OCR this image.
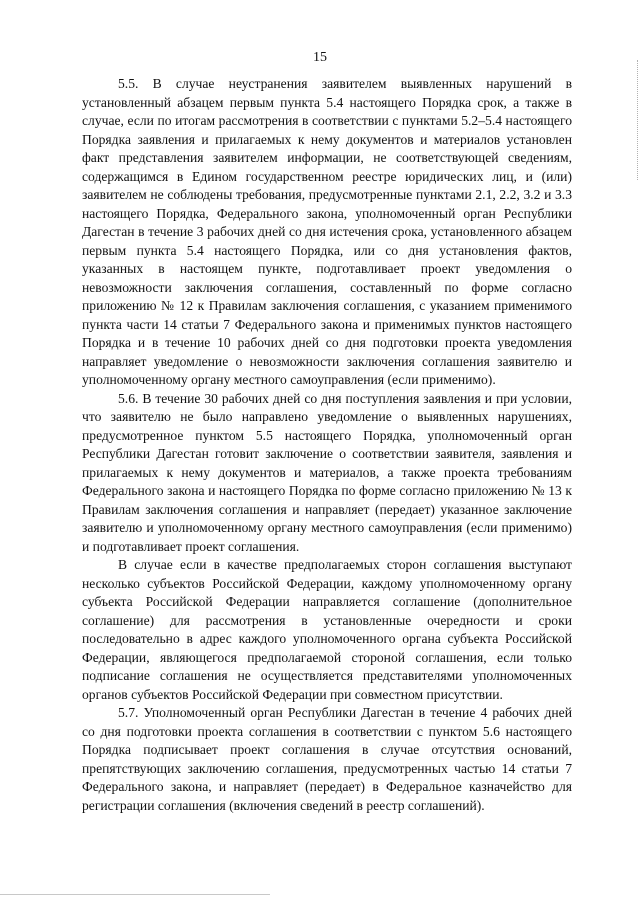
15

5.5. В случае неустранения заявителем выявленных нарушений в установленный абзацем первым пункта 5.4 настоящего Порядка срок, а также в случае, если по итогам рассмотрения в соответствии с пунктами 5.2–5.4 настоящего Порядка заявления и прилагаемых к нему документов и материалов установлен факт представления заявителем информации, не соответствующей сведениям, содержащимся в Едином государственном реестре юридических лиц, и (или) заявителем не соблюдены требования, предусмотренные пунктами 2.1, 2.2, 3.2 и 3.3 настоящего Порядка, Федерального закона, уполномоченный орган Республики Дагестан в течение 3 рабочих дней со дня истечения срока, установленного абзацем первым пункта 5.4 настоящего Порядка, или со дня установления фактов, указанных в настоящем пункте, подготавливает проект уведомления о невозможности заключения соглашения, составленный по форме согласно приложению № 12 к Правилам заключения соглашения, с указанием применимого пункта части 14 статьи 7 Федерального закона и применимых пунктов настоящего Порядка и в течение 10 рабочих дней со дня подготовки проекта уведомления направляет уведомление о невозможности заключения соглашения заявителю и уполномоченному органу местного самоуправления (если применимо).

5.6. В течение 30 рабочих дней со дня поступления заявления и при условии, что заявителю не было направлено уведомление о выявленных нарушениях, предусмотренное пунктом 5.5 настоящего Порядка, уполномоченный орган Республики Дагестан готовит заключение о соответствии заявителя, заявления и прилагаемых к нему документов и материалов, а также проекта требованиям Федерального закона и настоящего Порядка по форме согласно приложению № 13 к Правилам заключения соглашения и направляет (передает) указанное заключение заявителю и уполномоченному органу местного самоуправления (если применимо) и подготавливает проект соглашения.

В случае если в качестве предполагаемых сторон соглашения выступают несколько субъектов Российской Федерации, каждому уполномоченному органу субъекта Российской Федерации направляется соглашение (дополнительное соглашение) для рассмотрения в установленные очередности и сроки последовательно в адрес каждого уполномоченного органа субъекта Российской Федерации, являющегося предполагаемой стороной соглашения, если только подписание соглашения не осуществляется представителями уполномоченных органов субъектов Российской Федерации при совместном присутствии.

5.7. Уполномоченный орган Республики Дагестан в течение 4 рабочих дней со дня подготовки проекта соглашения в соответствии с пунктом 5.6 настоящего Порядка подписывает проект соглашения в случае отсутствия оснований, препятствующих заключению соглашения, предусмотренных частью 14 статьи 7 Федерального закона, и направляет (передает) в Федеральное казначейство для регистрации соглашения (включения сведений в реестр соглашений).
